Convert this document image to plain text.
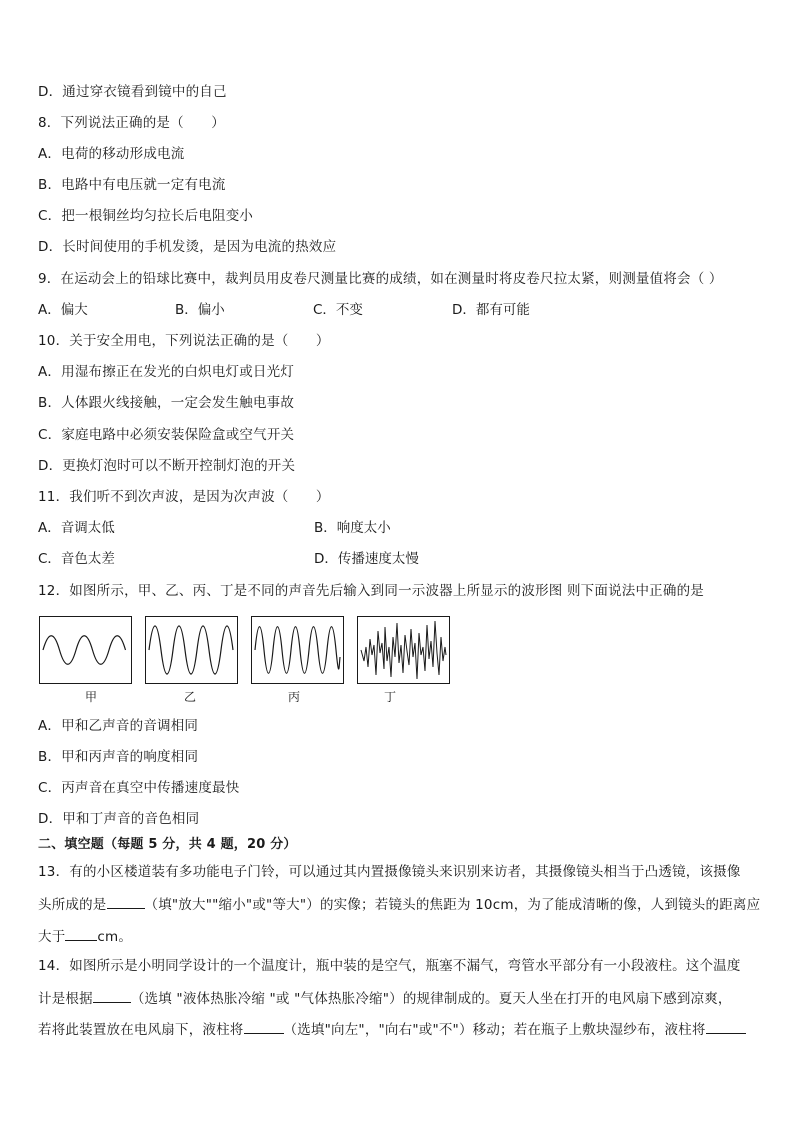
D．通过穿衣镜看到镜中的自己
8．下列说法正确的是（　　）
A．电荷的移动形成电流
B．电路中有电压就一定有电流
C．把一根铜丝均匀拉长后电阻变小
D．长时间使用的手机发烫，是因为电流的热效应
9．在运动会上的铅球比赛中，裁判员用皮卷尺测量比赛的成绩，如在测量时将皮卷尺拉太紧，则测量值将会（ ）
A．偏大	B．偏小	C．不变	D．都有可能
10．关于安全用电，下列说法正确的是（　　）
A．用湿布擦正在发光的白炽电灯或日光灯
B．人体跟火线接触，一定会发生触电事故
C．家庭电路中必须安装保险盒或空气开关
D．更换灯泡时可以不断开控制灯泡的开关
11．我们听不到次声波，是因为次声波（　　）
A．音调太低	B．响度太小
C．音色太差	D．传播速度太慢
12．如图所示，甲、乙、丙、丁是不同的声音先后输入到同一示波器上所显示的波形图 则下面说法中正确的是
甲	乙	丙	丁
A．甲和乙声音的音调相同
B．甲和丙声音的响度相同
C．丙声音在真空中传播速度最快
D．甲和丁声音的音色相同
二、填空题（每题 5 分，共 4 题，20 分）
13．有的小区楼道装有多功能电子门铃，可以通过其内置摄像镜头来识别来访者，其摄像镜头相当于凸透镜，该摄像
头所成的是	（填"放大""缩小"或"等大"）的实像；若镜头的焦距为 10cm，为了能成清晰的像，人到镜头的距离应
大于 cm。
14．如图所示是小明同学设计的一个温度计，瓶中装的是空气，瓶塞不漏气，弯管水平部分有一小段液柱。这个温度
计是根据	（选填 "液体热胀冷缩 "或 "气体热胀冷缩"）的规律制成的。夏天人坐在打开的电风扇下感到凉爽，
若将此装置放在电风扇下，液柱将	（选填"向左"，"向右"或"不"）移动；若在瓶子上敷块湿纱布，液柱将
